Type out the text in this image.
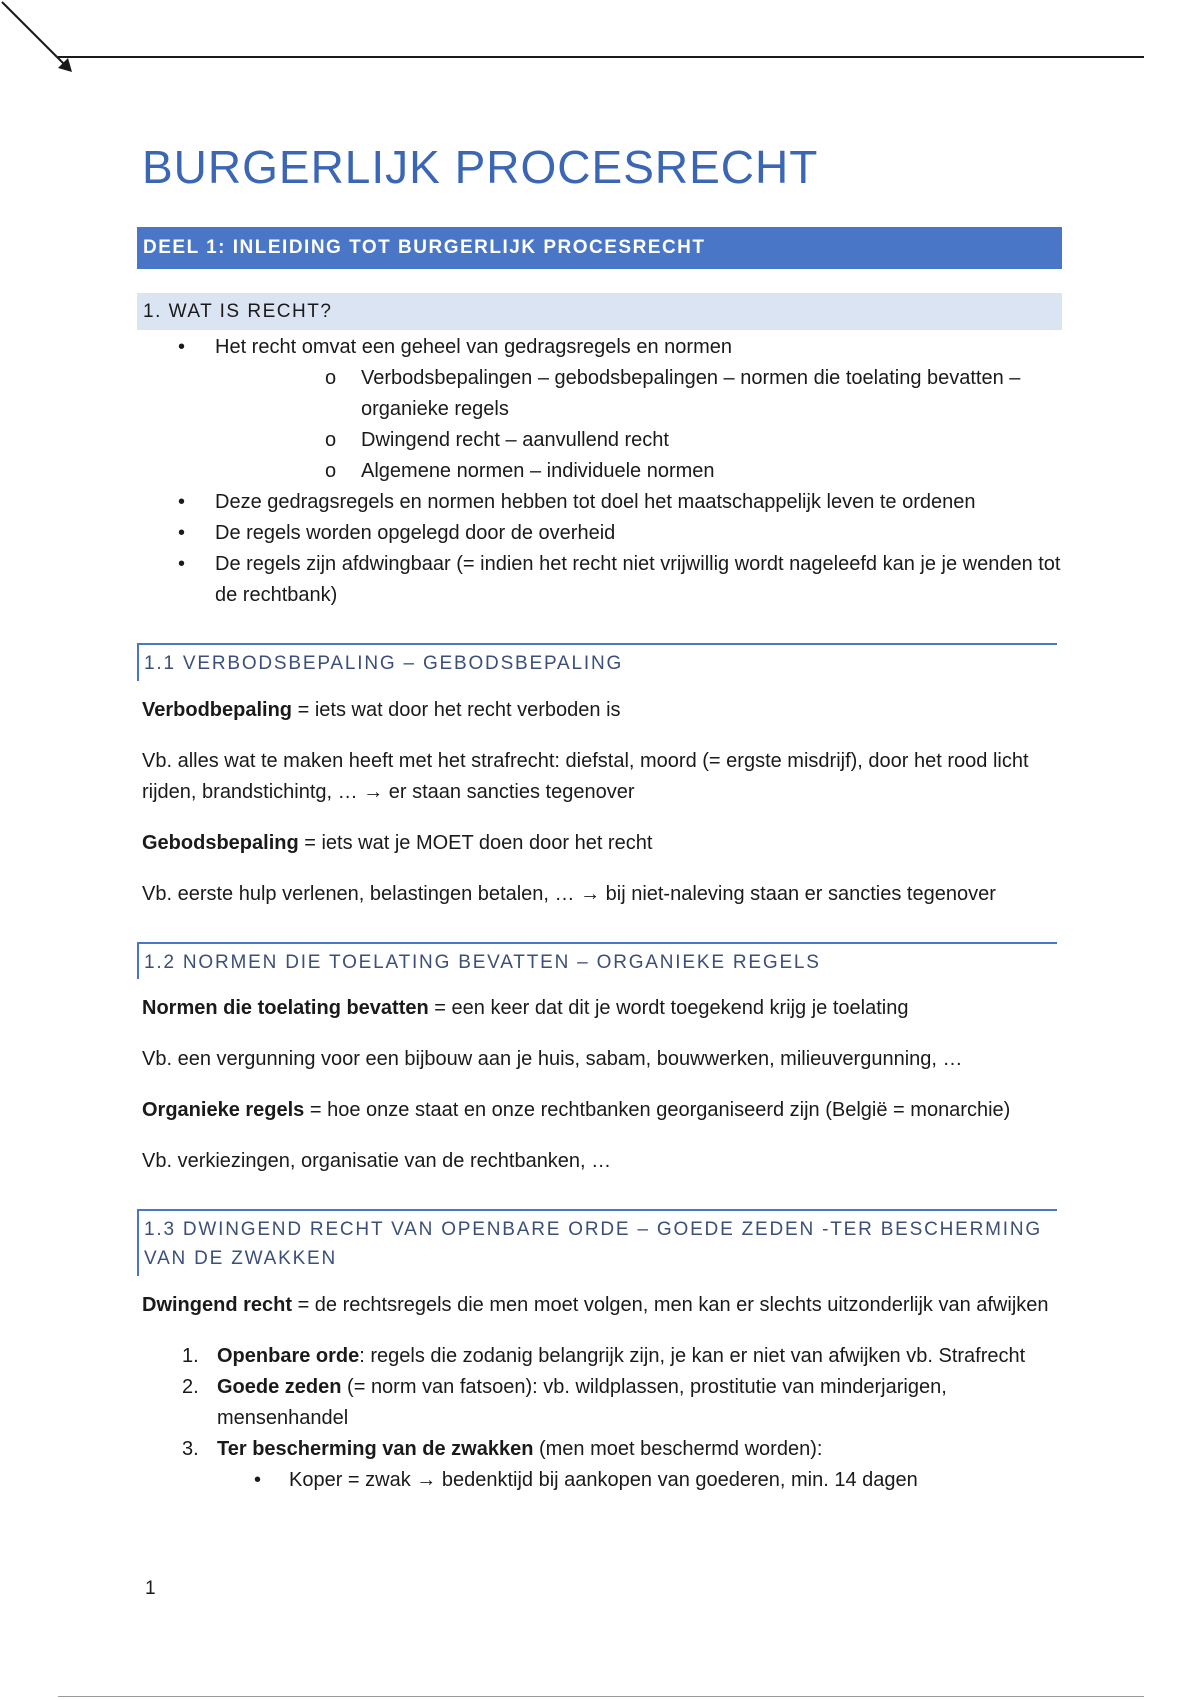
BURGERLIJK PROCESRECHT
DEEL 1: INLEIDING TOT BURGERLIJK PROCESRECHT
1. WAT IS RECHT?
• Het recht omvat een geheel van gedragsregels en normen
o Verbodsbepalingen – gebodsbepalingen – normen die toelating bevatten – organieke regels
o Dwingend recht – aanvullend recht
o Algemene normen – individuele normen
• Deze gedragsregels en normen hebben tot doel het maatschappelijk leven te ordenen
• De regels worden opgelegd door de overheid
• De regels zijn afdwingbaar (= indien het recht niet vrijwillig wordt nageleefd kan je je wenden tot de rechtbank)
1.1 VERBODSBEPALING – GEBODSBEPALING

Verbodbepaling = iets wat door het recht verboden is

Vb. alles wat te maken heeft met het strafrecht: diefstal, moord (= ergste misdrijf), door het rood licht rijden, brandstichintg, … → er staan sancties tegenover

Gebodsbepaling = iets wat je MOET doen door het recht

Vb. eerste hulp verlenen, belastingen betalen, … → bij niet-naleving staan er sancties tegenover

1.2 NORMEN DIE TOELATING BEVATTEN – ORGANIEKE REGELS

Normen die toelating bevatten = een keer dat dit je wordt toegekend krijg je toelating

Vb. een vergunning voor een bijbouw aan je huis, sabam, bouwwerken, milieuvergunning, …

Organieke regels = hoe onze staat en onze rechtbanken georganiseerd zijn (België = monarchie)

Vb. verkiezingen, organisatie van de rechtbanken, …

1.3 DWINGEND RECHT VAN OPENBARE ORDE – GOEDE ZEDEN -TER BESCHERMING VAN DE ZWAKKEN

Dwingend recht = de rechtsregels die men moet volgen, men kan er slechts uitzonderlijk van afwijken

1. Openbare orde: regels die zodanig belangrijk zijn, je kan er niet van afwijken vb. Strafrecht
2. Goede zeden (= norm van fatsoen): vb. wildplassen, prostitutie van minderjarigen, mensenhandel
3. Ter bescherming van de zwakken (men moet beschermd worden):
• Koper = zwak → bedenktijd bij aankopen van goederen, min. 14 dagen
1
